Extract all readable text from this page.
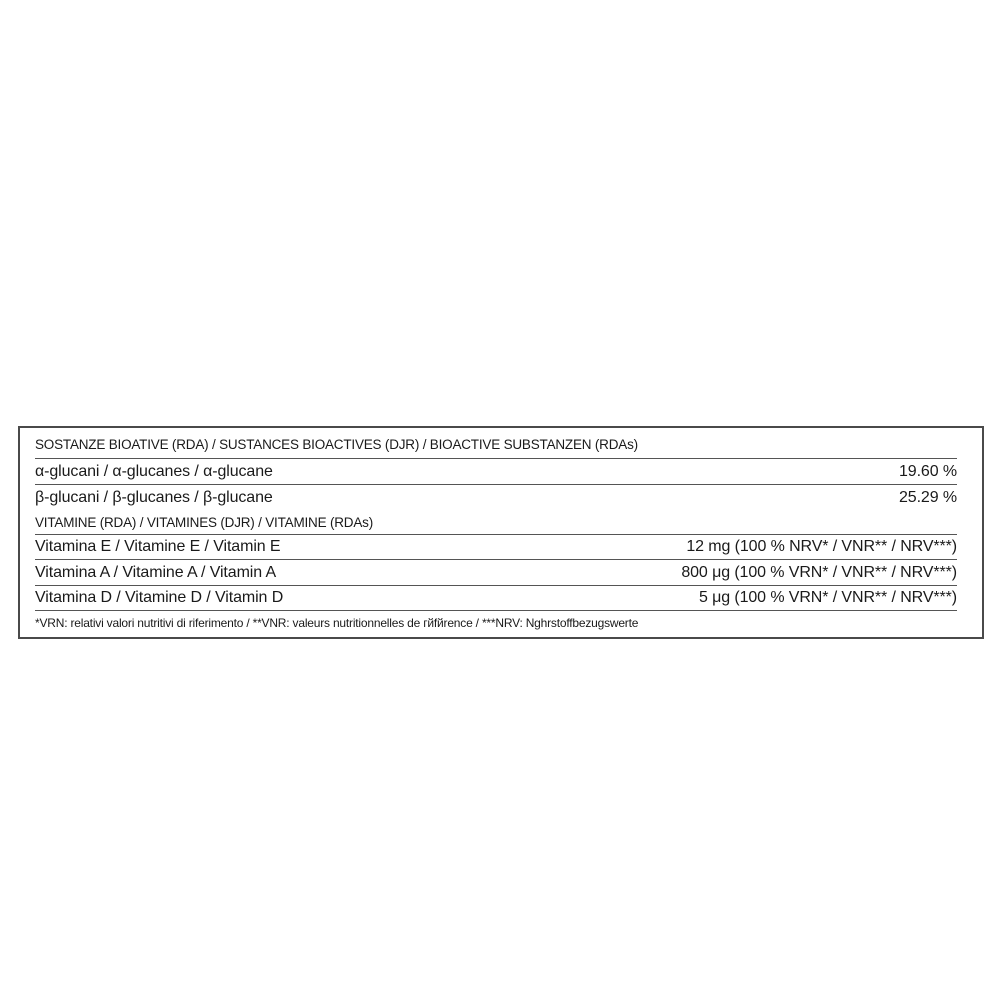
SOSTANZE BIOATIVE (RDA) / SUSTANCES BIOACTIVES (DJR) / BIOACTIVE SUBSTANZEN (RDAs)
α-glucani / α-glucanes / α-glucane	19.60 %
β-glucani / β-glucanes / β-glucane	25.29 %
VITAMINE (RDA) / VITAMINES (DJR) / VITAMINE (RDAs)
Vitamina E / Vitamine E / Vitamin E	12 mg (100 % NRV* / VNR** / NRV***)
Vitamina A / Vitamine A / Vitamin A	800 μg (100 % VRN* / VNR** / NRV***)
Vitamina D / Vitamine D / Vitamin D	5 μg (100 % VRN* / VNR** / NRV***)
*VRN: relativi valori nutritivi di riferimento / **VNR: valeurs nutritionnelles de гйfйrence / ***NRV: Nghrstoffbezugswerte
